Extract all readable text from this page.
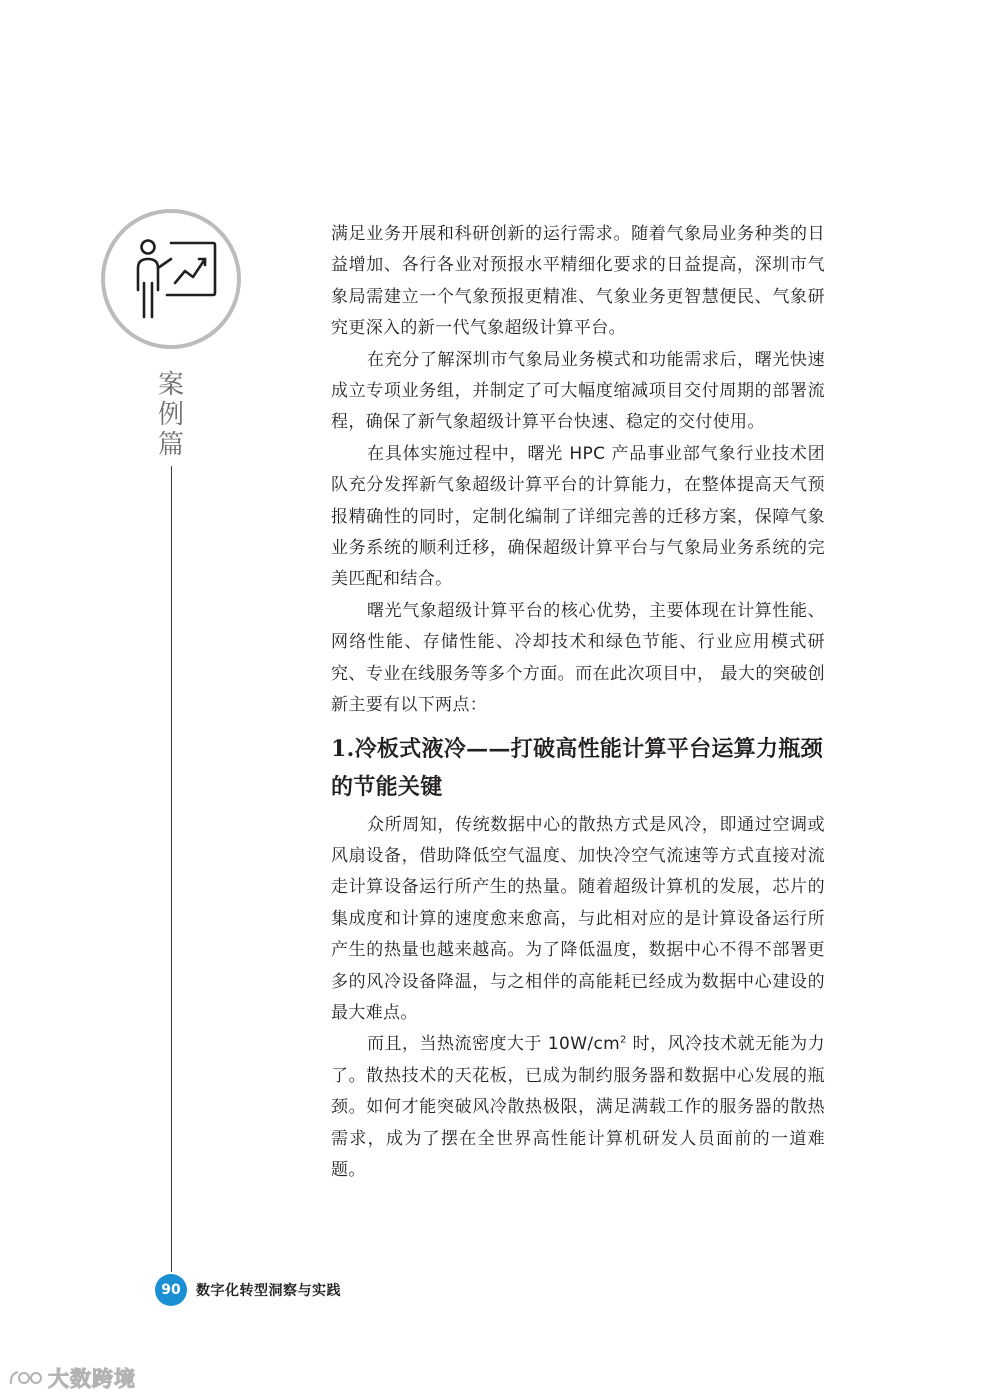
案
例
篇

满足业务开展和科研创新的运行需求。随着气象局业务种类的日益增加、各行各业对预报水平精细化要求的日益提高，深圳市气象局需建立一个气象预报更精准、气象业务更智慧便民、气象研究更深入的新一代气象超级计算平台。

在充分了解深圳市气象局业务模式和功能需求后，曙光快速成立专项业务组，并制定了可大幅度缩减项目交付周期的部署流程，确保了新气象超级计算平台快速、稳定的交付使用。

在具体实施过程中，曙光 HPC 产品事业部气象行业技术团队充分发挥新气象超级计算平台的计算能力，在整体提高天气预报精确性的同时，定制化编制了详细完善的迁移方案，保障气象业务系统的顺利迁移，确保超级计算平台与气象局业务系统的完美匹配和结合。

曙光气象超级计算平台的核心优势，主要体现在计算性能、网络性能、存储性能、冷却技术和绿色节能、行业应用模式研究、专业在线服务等多个方面。而在此次项目中， 最大的突破创新主要有以下两点：

1.冷板式液冷——打破高性能计算平台运算力瓶颈的节能关键

众所周知，传统数据中心的散热方式是风冷，即通过空调或风扇设备，借助降低空气温度、加快冷空气流速等方式直接对流走计算设备运行所产生的热量。随着超级计算机的发展，芯片的集成度和计算的速度愈来愈高，与此相对应的是计算设备运行所产生的热量也越来越高。为了降低温度，数据中心不得不部署更多的风冷设备降温，与之相伴的高能耗已经成为数据中心建设的最大难点。

而且，当热流密度大于 $10W/cm^2$ 时，风冷技术就无能为力了。散热技术的天花板，已成为制约服务器和数据中心发展的瓶颈。如何才能突破风冷散热极限，满足满载工作的服务器的散热需求，成为了摆在全世界高性能计算机研发人员面前的一道难题。

90	数字化转型洞察与实践
大数跨境
